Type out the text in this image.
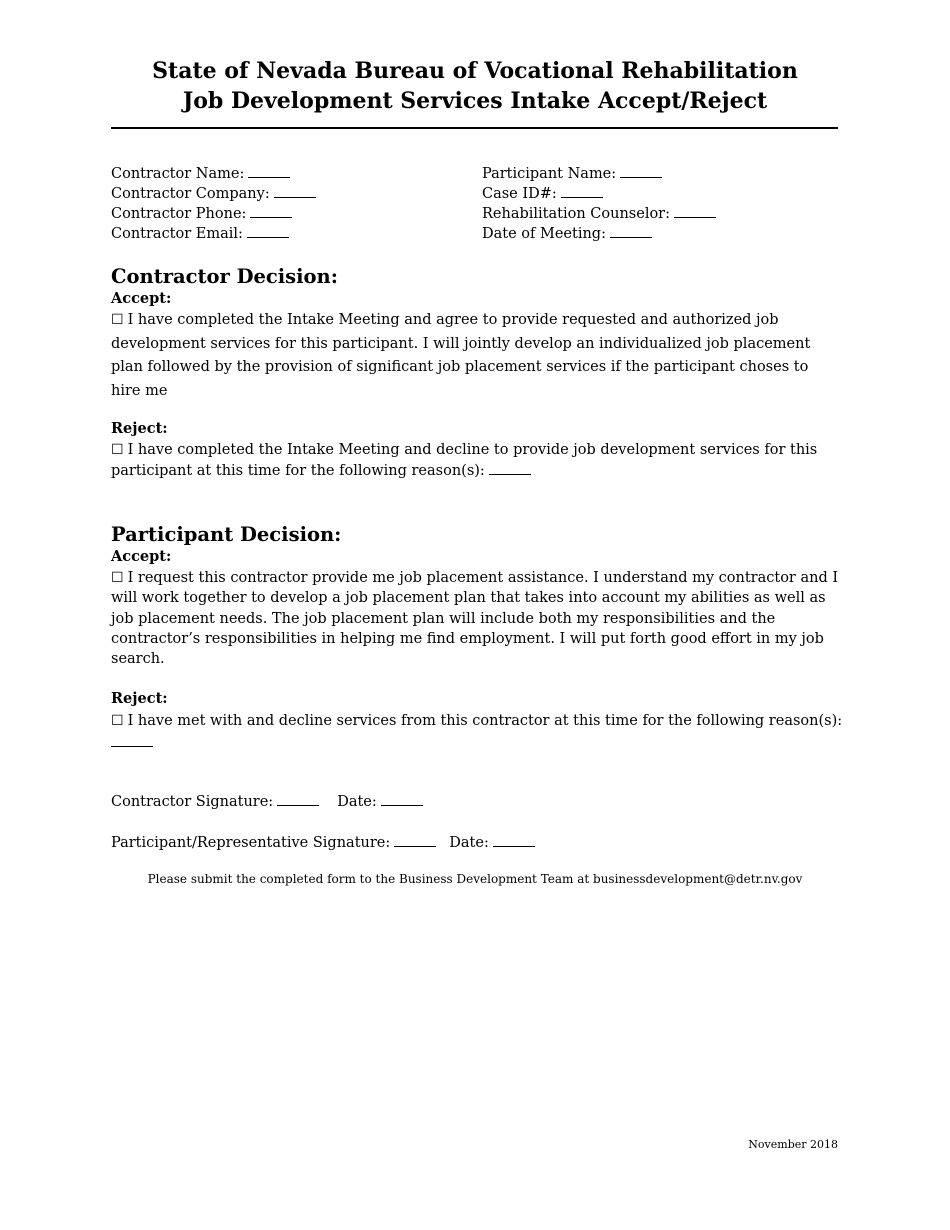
State of Nevada Bureau of Vocational Rehabilitation
Job Development Services Intake Accept/Reject
Contractor Name:
Contractor Company:
Contractor Phone:
Contractor Email:
Participant Name:
Case ID#:
Rehabilitation Counselor:
Date of Meeting:
Contractor Decision:
Accept:
☐ I have completed the Intake Meeting and agree to provide requested and authorized job development services for this participant. I will jointly develop an individualized job placement plan followed by the provision of significant job placement services if the participant choses to hire me
Reject:
☐ I have completed the Intake Meeting and decline to provide job development services for this participant at this time for the following reason(s):
Participant Decision:
Accept:
☐ I request this contractor provide me job placement assistance. I understand my contractor and I will work together to develop a job placement plan that takes into account my abilities as well as job placement needs. The job placement plan will include both my responsibilities and the contractor’s responsibilities in helping me find employment. I will put forth good effort in my job search.
Reject:
☐ I have met with and decline services from this contractor at this time for the following reason(s):

Contractor Signature:	Date:
Participant/Representative Signature:	Date:
Please submit the completed form to the Business Development Team at businessdevelopment@detr.nv.gov
November 2018
